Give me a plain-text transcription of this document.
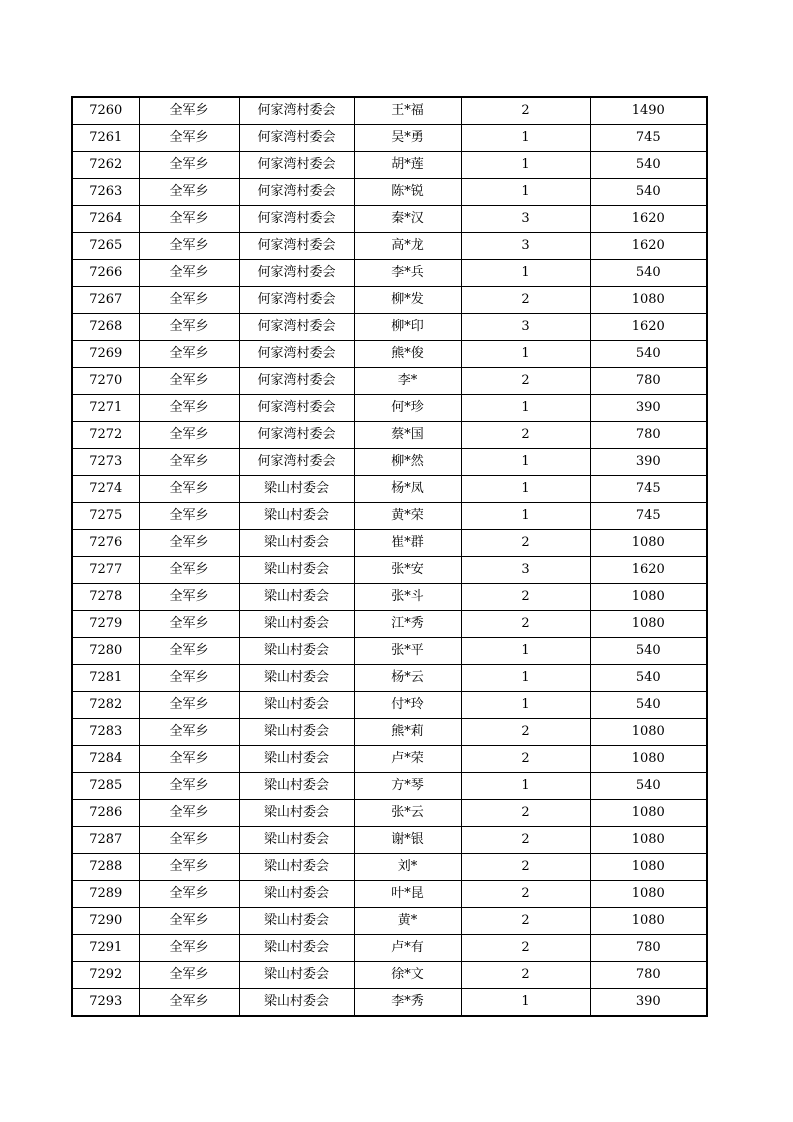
7260	全军乡	何家湾村委会	王*福	2	1490
7261	全军乡	何家湾村委会	吴*勇	1	745
7262	全军乡	何家湾村委会	胡*莲	1	540
7263	全军乡	何家湾村委会	陈*锐	1	540
7264	全军乡	何家湾村委会	秦*汉	3	1620
7265	全军乡	何家湾村委会	高*龙	3	1620
7266	全军乡	何家湾村委会	李*兵	1	540
7267	全军乡	何家湾村委会	柳*发	2	1080
7268	全军乡	何家湾村委会	柳*印	3	1620
7269	全军乡	何家湾村委会	熊*俊	1	540
7270	全军乡	何家湾村委会	李*	2	780
7271	全军乡	何家湾村委会	何*珍	1	390
7272	全军乡	何家湾村委会	蔡*国	2	780
7273	全军乡	何家湾村委会	柳*然	1	390
7274	全军乡	梁山村委会	杨*凤	1	745
7275	全军乡	梁山村委会	黄*荣	1	745
7276	全军乡	梁山村委会	崔*群	2	1080
7277	全军乡	梁山村委会	张*安	3	1620
7278	全军乡	梁山村委会	张*斗	2	1080
7279	全军乡	梁山村委会	江*秀	2	1080
7280	全军乡	梁山村委会	张*平	1	540
7281	全军乡	梁山村委会	杨*云	1	540
7282	全军乡	梁山村委会	付*玲	1	540
7283	全军乡	梁山村委会	熊*莉	2	1080
7284	全军乡	梁山村委会	卢*荣	2	1080
7285	全军乡	梁山村委会	方*琴	1	540
7286	全军乡	梁山村委会	张*云	2	1080
7287	全军乡	梁山村委会	谢*银	2	1080
7288	全军乡	梁山村委会	刘*	2	1080
7289	全军乡	梁山村委会	叶*昆	2	1080
7290	全军乡	梁山村委会	黄*	2	1080
7291	全军乡	梁山村委会	卢*有	2	780
7292	全军乡	梁山村委会	徐*文	2	780
7293	全军乡	梁山村委会	李*秀	1	390
